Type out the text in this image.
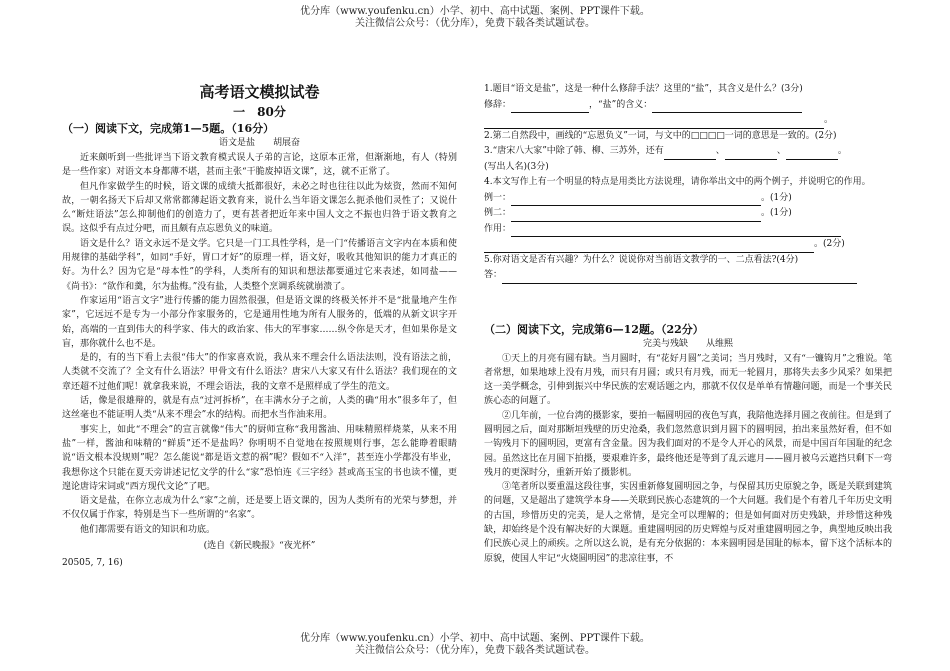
优分库（www.youfenku.cn）小学、初中、高中试题、案例、PPT课件下载。
关注微信公众号：（优分库），免费下载各类试题试卷。
高考语文模拟试卷
一　80分
（一）阅读下文，完成第1—5题。（16分）
语文是盐　　胡展奋

近来颇听到一些批评当下语文教育模式误人子弟的言论，这原本正常，但渐渐地，有人（特别是一些作家）对语文本身都薄不堪，甚而主张“干脆废掉语文课”，这，就不正常了。

但凡作家做学生的时候，语文课的成绩大抵都很好，未必之时也往往以此为炫资，然而不知何故，一朝名扬天下后却又常常都薄起语文教育来，说什么当年语文课怎么扼杀他们灵性了；又说什么“断炷语法”怎么抑制他们的创造力了，更有甚者把近年来中国人文之不振也归咎于语文教育之误。这似乎有点过分吧，而且颇有点忘恩负义的味道。

语文是什么？语文永远不是文学。它只是一门工具性学科，是一门“传播语言文字内在本质和使用规律的基础学科”，如同“手好，胃口才好”的原理一样，语文好，吸收其他知识的能力才真正的好。为什么？因为它是“母本性”的学科，人类所有的知识和想法都要通过它来表述，如同盐——《尚书》：“欲作和羹，尔为盐梅。”没有盐，人类整个烹调系统就崩溃了。

作家运用“语言文字”进行传播的能力固然很强，但是语文课的终极关怀并不是“批量地产生作家”，它远远不是专为一小部分作家服务的，它是通用性地为所有人服务的，低端的从新文识字开始，高端的一直到伟大的科学家、伟大的政治家、伟大的军事家……纵令你是天才，但如果你是文盲，那你就什么也不是。

是的，有的当下看上去很“伟大”的作家喜欢说，我从来不理会什么语法法则，没有语法之前，人类就不交流了？全文有什么语法？甲骨文有什么语法？唐宋八大家又有什么语法？我们现在的文章还超不过他们呢！就拿我来说，不理会语法，我的文章不是照样成了学生的范文。

话，像是很雄辩的，就是有点“过河拆桥”，在丰满水分子之前，人类的确“用水”很多年了，但这丝毫也不能证明人类“从来不理会”水的结构。而把水当作油来用。

事实上，如此“不理会”的宣言就像“伟大”的厨师宣称“我用酱油、用味精照样烧菜，从来不用盐”一样，酱油和味精的“鲜质”还不是盐吗？你明明不自觉地在按照规则行事，怎么能睁着眼睛说“语文根本没规则”呢？怎么能说“都是语文惹的祸”呢？假如不“入洋”，甚至连小学都没有毕业，我想你这个只能在夏天旁讲述记忆文学的什么“家”恐怕连《三字经》甚或高玉宝的书也读不懂，更遑论唐诗宋词或“西方现代文论”了吧。

语文是盐，在你立志成为什么“家”之前，还是要上语文课的，因为人类所有的光荣与梦想，并不仅仅属于作家，特别是当下一些所谓的“名家”。

他们都需要有语文的知识和功底。

(选自《新民晚报》“夜光杯”
20505, 7, 16)

1.题目“语文是盐”，这是一种什么修辞手法？这里的“盐”，其含义是什么？(3分)

修辞：	，“盐”的含义：

。

2.第二自然段中，画线的“忘恩负义”一词，与文中的□□□□一词的意思是一致的。(2分)

3.“唐宋八大家”中除了韩、柳、三苏外，还有	、	、	。

(写出人名)(3分)

4.本文写作上有一个明显的特点是用类比方法说理，请你举出文中的两个例子，并说明它的作用。

例一：	。(1分)

例二：	。(1分)

作用：

。(2分)

5.你对语文是否有兴趣？为什么？说说你对当前语文教学的一、二点看法?(4分)

答：

（二）阅读下文，完成第6—12题。（22分）
完美与残缺　　从维熙

①天上的月亮有圆有缺。当月圆时，有“花好月圆”之美词；当月残时，又有“一镰钩月”之雅说。笔者常想，如果地球上没有月残，而只有月圆；或只有月残，而无一轮圆月，那将失去多少风采？如果把这一美学概念，引伸到振兴中华民族的宏观话题之内，那就不仅仅是单单有情趣问题，而是一个事关民族心态的问题了。

②几年前，一位台湾的摄影家，要拍一幅圆明园的夜色写真，我陪他选择月圆之夜前往。但是到了圆明园之后，面对那断垣残壁的历史沧桑，我们忽然意识到月圆下的圆明园，拍出来虽然好看，但不如一钩残月下的圆明园，更富有含金量。因为我们面对的不是令人开心的风景，而是中国百年国耻的纪念园。虽然这比在月圆下拍摄，要艰难许多，最终他还是等到了乱云遮月——圆月被乌云遮挡只剩下一弯残月的更深时分，重新开始了摄影机。

③笔者所以要重温这段往事，实因重新修复圆明园之争，与保留其历史原貌之争，既是关联到建筑的问题，又是超出了建筑学本身——关联到民族心态建筑的一个大问题。我们是个有着几千年历史文明的古国，珍惜历史的完美，是人之常情，是完全可以理解的；但是如何面对历史残缺，并珍惜这种残缺，却始终是个没有解决好的大课题。重建圆明园的历史辉煌与反对重建圆明园之争，典型地反映出我们民族心灵上的顽疾。之所以这么说，是有充分依据的：本来圆明园是国耻的标本，留下这个活标本的原貌，使国人牢记“火烧圆明园”的悲凉往事，不

优分库（www.youfenku.cn）小学、初中、高中试题、案例、PPT课件下载。
关注微信公众号：（优分库），免费下载各类试题试卷。
